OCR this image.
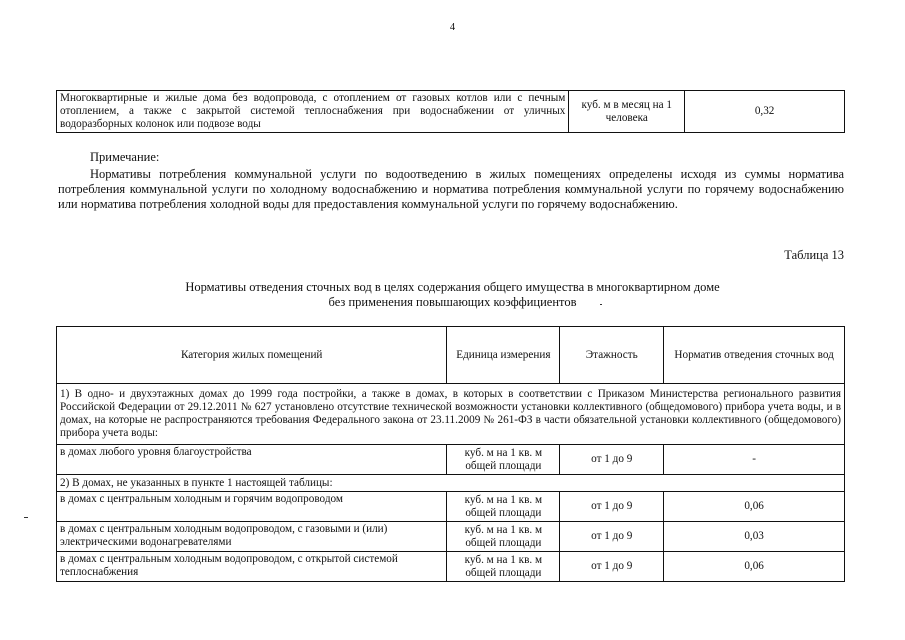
4
Многоквартирные и жилые дома без водопровода, с отоплением от газовых котлов или с печным отоплением, а также с закрытой системой теплоснабжения при водоснабжении от уличных водоразборных колонок или подвозе воды	куб. м в месяц на 1 человека	0,32
Примечание:
Нормативы потребления коммунальной услуги по водоотведению в жилых помещениях определены исходя из суммы норматива потребления коммунальной услуги по холодному водоснабжению и норматива потребления коммунальной услуги по горячему водоснабжению или норматива потребления холодной воды для предоставления коммунальной услуги по горячему водоснабжению.
Таблица 13
Нормативы отведения сточных вод в целях содержания общего имущества в многоквартирном доме
без применения повышающих коэффициентов
Категория жилых помещений	Единица измерения	Этажность	Норматив отведения сточных вод
1) В одно- и двухэтажных домах до 1999 года постройки, а также в домах, в которых в соответствии с Приказом Министерства регионального развития Российской Федерации от 29.12.2011 № 627 установлено отсутствие технической возможности установки коллективного (общедомового) прибора учета воды, и в домах, на которые не распространяются требования Федерального закона от 23.11.2009 № 261-ФЗ в части обязательной установки коллективного (общедомового) прибора учета воды:			
в домах любого уровня благоустройства	куб. м на 1 кв. м общей площади	от 1 до 9	-
2) В домах, не указанных в пункте 1 настоящей таблицы:			
в домах с центральным холодным и горячим водопроводом	куб. м на 1 кв. м общей площади	от 1 до 9	0,06
в домах с центральным холодным водопроводом, с газовыми и (или) электрическими водонагревателями	куб. м на 1 кв. м общей площади	от 1 до 9	0,03
в домах с центральным холодным водопроводом, с открытой системой теплоснабжения	куб. м на 1 кв. м общей площади	от 1 до 9	0,06
